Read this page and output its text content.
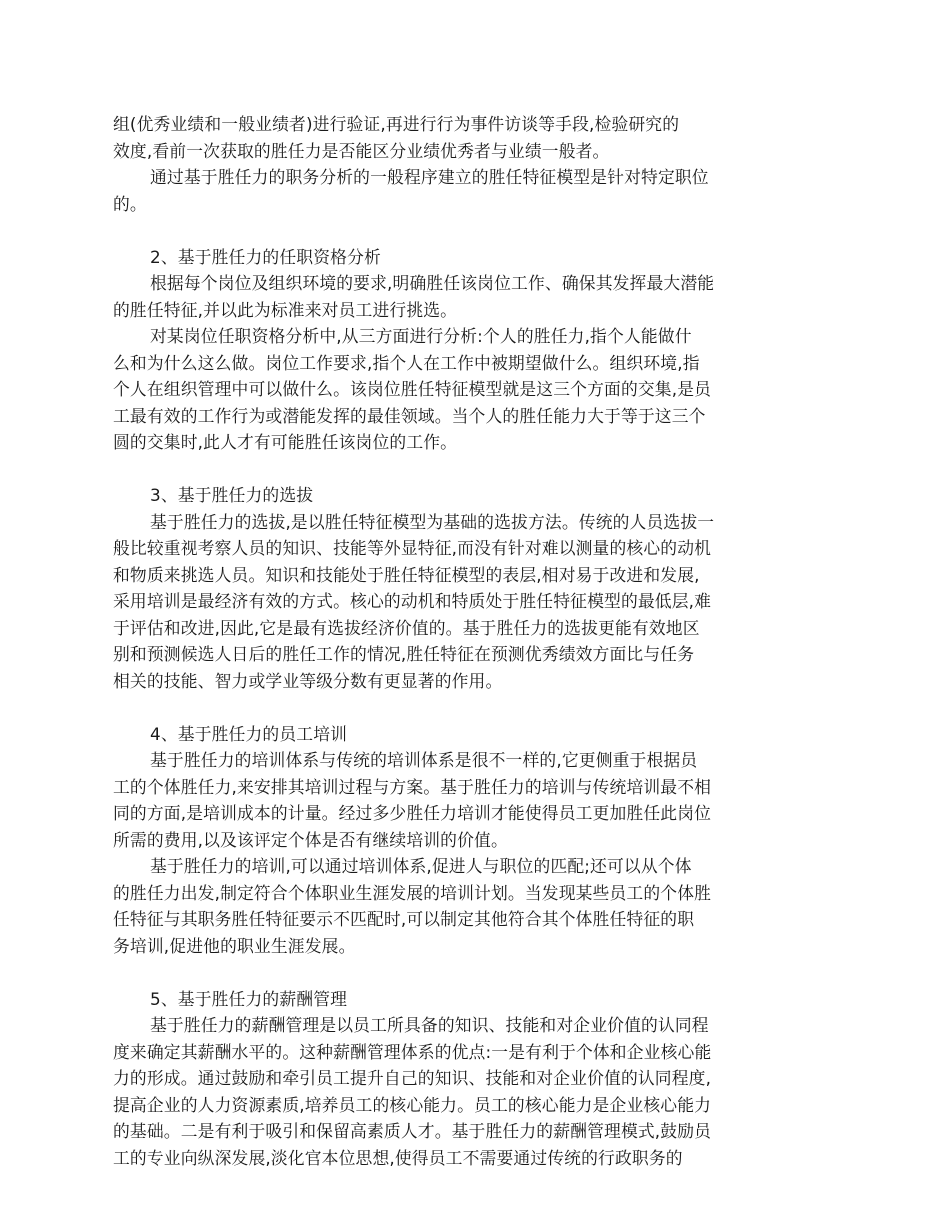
组(优秀业绩和一般业绩者)进行验证,再进行行为事件访谈等手段,检验研究的
效度,看前一次获取的胜任力是否能区分业绩优秀者与业绩一般者。
通过基于胜任力的职务分析的一般程序建立的胜任特征模型是针对特定职位
的。
2、基于胜任力的任职资格分析
根据每个岗位及组织环境的要求,明确胜任该岗位工作、确保其发挥最大潜能
的胜任特征,并以此为标准来对员工进行挑选。
对某岗位任职资格分析中,从三方面进行分析:个人的胜任力,指个人能做什
么和为什么这么做。岗位工作要求,指个人在工作中被期望做什么。组织环境,指
个人在组织管理中可以做什么。该岗位胜任特征模型就是这三个方面的交集,是员
工最有效的工作行为或潜能发挥的最佳领域。当个人的胜任能力大于等于这三个
圆的交集时,此人才有可能胜任该岗位的工作。
3、基于胜任力的选拔
基于胜任力的选拔,是以胜任特征模型为基础的选拔方法。传统的人员选拔一
般比较重视考察人员的知识、技能等外显特征,而没有针对难以测量的核心的动机
和物质来挑选人员。知识和技能处于胜任特征模型的表层,相对易于改进和发展,
采用培训是最经济有效的方式。核心的动机和特质处于胜任特征模型的最低层,难
于评估和改进,因此,它是最有选拔经济价值的。基于胜任力的选拔更能有效地区
别和预测候选人日后的胜任工作的情况,胜任特征在预测优秀绩效方面比与任务
相关的技能、智力或学业等级分数有更显著的作用。
4、基于胜任力的员工培训
基于胜任力的培训体系与传统的培训体系是很不一样的,它更侧重于根据员
工的个体胜任力,来安排其培训过程与方案。基于胜任力的培训与传统培训最不相
同的方面,是培训成本的计量。经过多少胜任力培训才能使得员工更加胜任此岗位
所需的费用,以及该评定个体是否有继续培训的价值。
基于胜任力的培训,可以通过培训体系,促进人与职位的匹配;还可以从个体
的胜任力出发,制定符合个体职业生涯发展的培训计划。当发现某些员工的个体胜
任特征与其职务胜任特征要示不匹配时,可以制定其他符合其个体胜任特征的职
务培训,促进他的职业生涯发展。
5、基于胜任力的薪酬管理
基于胜任力的薪酬管理是以员工所具备的知识、技能和对企业价值的认同程
度来确定其薪酬水平的。这种薪酬管理体系的优点:一是有利于个体和企业核心能
力的形成。通过鼓励和牵引员工提升自己的知识、技能和对企业价值的认同程度,
提高企业的人力资源素质,培养员工的核心能力。员工的核心能力是企业核心能力
的基础。二是有利于吸引和保留高素质人才。基于胜任力的薪酬管理模式,鼓励员
工的专业向纵深发展,淡化官本位思想,使得员工不需要通过传统的行政职务的
